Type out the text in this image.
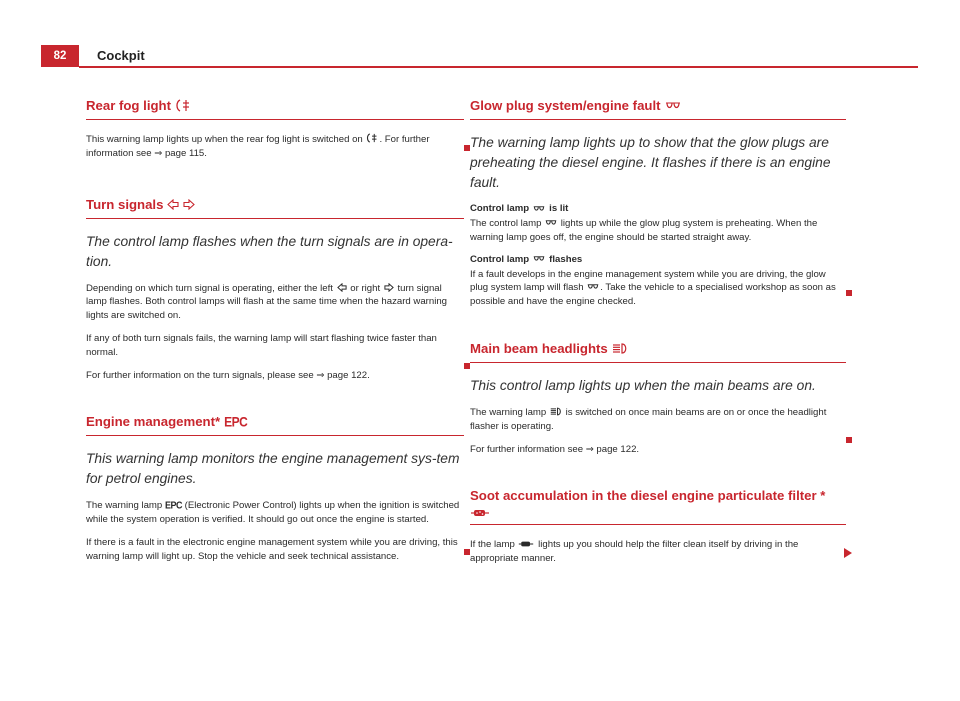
82	Cockpit
Rear fog light

This warning lamp lights up when the rear fog light is switched on . For further information see ⇒ page 115.

Turn signals

The control lamp flashes when the turn signals are in opera-tion.

Depending on which turn signal is operating, either the left or right turn signal lamp flashes. Both control lamps will flash at the same time when the hazard warning lights are switched on.

If any of both turn signals fails, the warning lamp will start flashing twice faster than normal.

For further information on the turn signals, please see ⇒ page 122.

Engine management* EPC

This warning lamp monitors the engine management sys-tem for petrol engines.

The warning lamp EPC (Electronic Power Control) lights up when the ignition is switched while the system operation is verified. It should go out once the engine is started.

If there is a fault in the electronic engine management system while you are driving, this warning lamp will light up. Stop the vehicle and seek technical assistance.

Glow plug system/engine fault

The warning lamp lights up to show that the glow plugs are preheating the diesel engine. It flashes if there is an engine fault.

Control lamp is lit

The control lamp lights up while the glow plug system is preheating. When the warning lamp goes off, the engine should be started straight away.

Control lamp flashes

If a fault develops in the engine management system while you are driving, the glow plug system lamp will flash . Take the vehicle to a specialised workshop as soon as possible and have the engine checked.

Main beam headlights

This control lamp lights up when the main beams are on.

The warning lamp is switched on once main beams are on or once the headlight flasher is operating.

For further information see ⇒ page 122.

Soot accumulation in the diesel engine particulate filter *

If the lamp lights up you should help the filter clean itself by driving in the appropriate manner.
